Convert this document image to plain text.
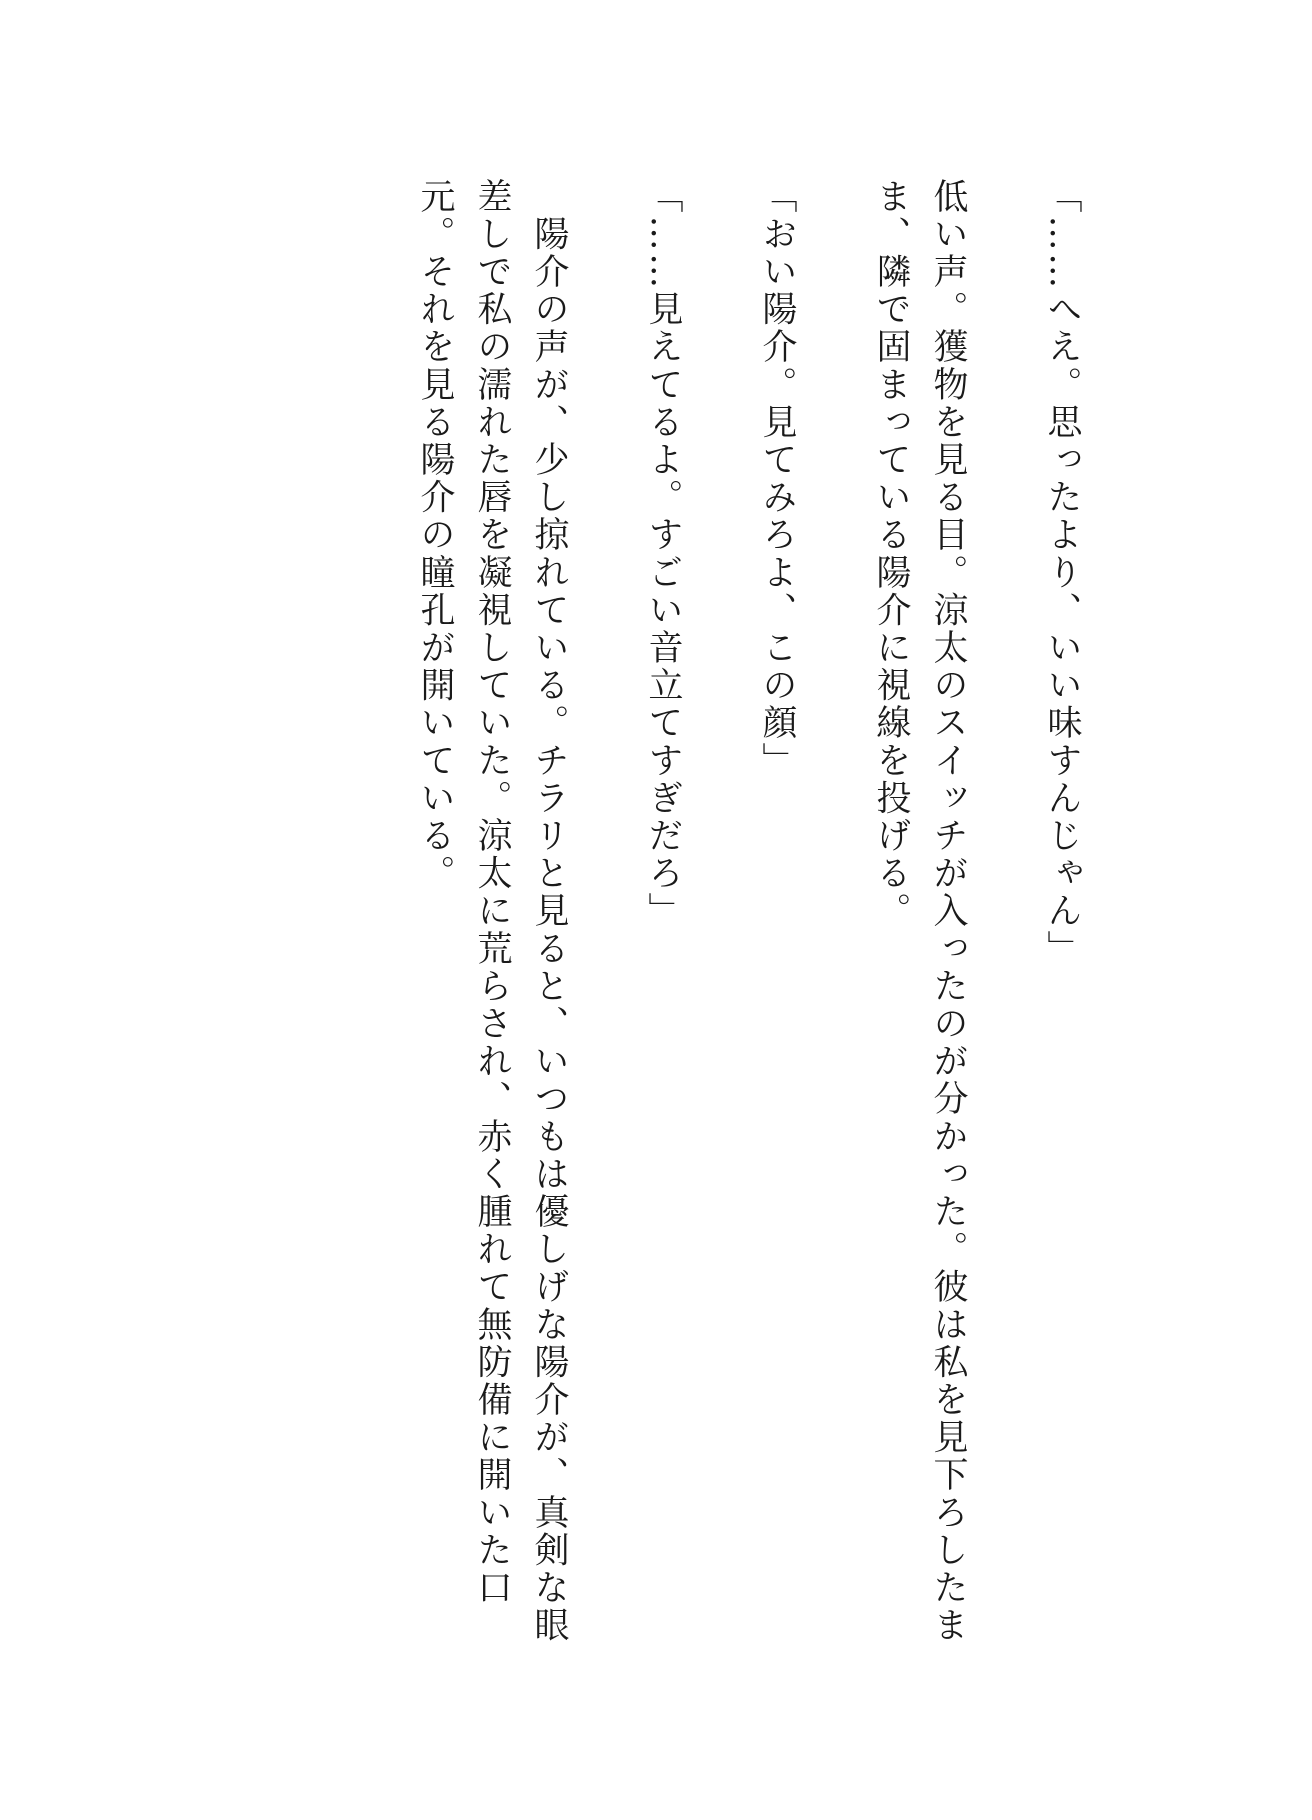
「……へえ。思ったより、いい味すんじゃん」

低い声。獲物を見る目。涼太のスイッチが入ったのが分かった。彼は私を見下ろしたまま、隣で固まっている陽介に視線を投げる。

「おい陽介。見てみろよ、この顔」

「……見えてるよ。すごい音立てすぎだろ」

　陽介の声が、少し掠れている。チラリと見ると、いつもは優しげな陽介が、真剣な眼差しで私の濡れた唇を凝視していた。涼太に荒らされ、赤く腫れて無防備に開いた口元。それを見る陽介の瞳孔が開いている。
